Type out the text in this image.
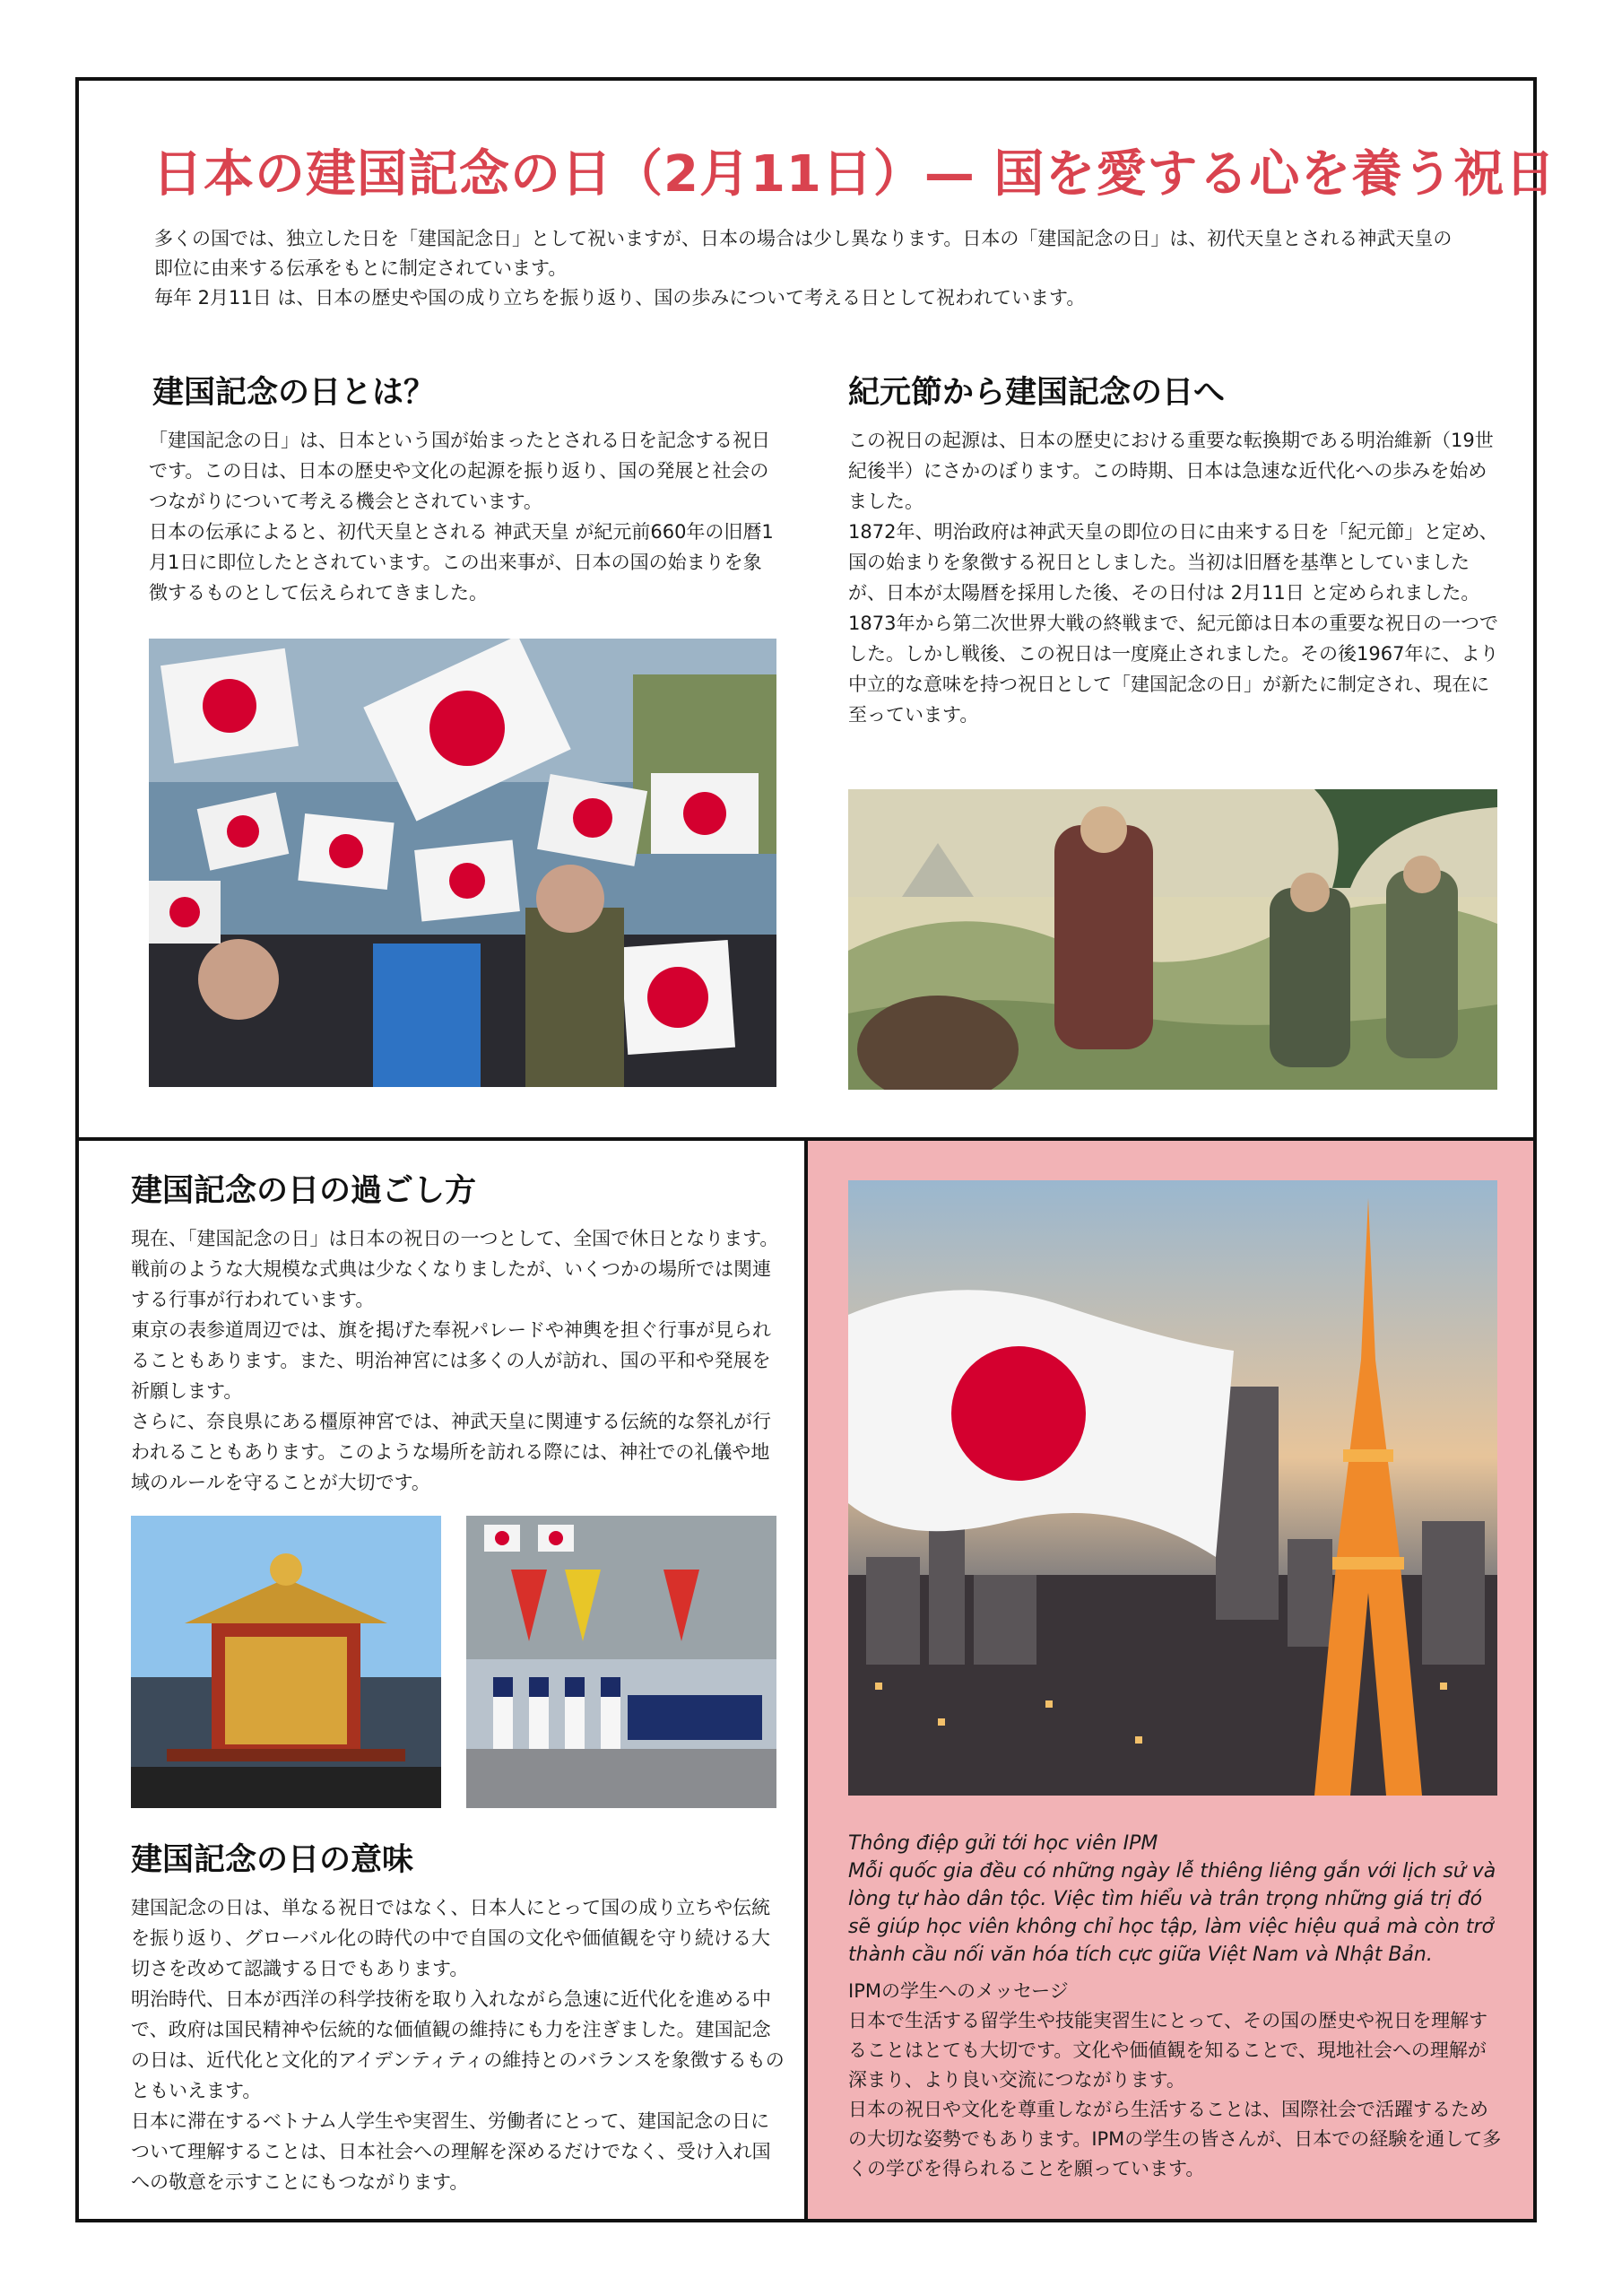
日本の建国記念の日（2月11日）— 国を愛する心を養う祝日

多くの国では、独立した日を「建国記念日」として祝いますが、日本の場合は少し異なります。日本の「建国記念の日」は、初代天皇とされる神武天皇の即位に由来する伝承をもとに制定されています。

毎年 2月11日 は、日本の歴史や国の成り立ちを振り返り、国の歩みについて考える日として祝われています。

建国記念の日とは？

「建国記念の日」は、日本という国が始まったとされる日を記念する祝日です。この日は、日本の歴史や文化の起源を振り返り、国の発展と社会のつながりについて考える機会とされています。

日本の伝承によると、初代天皇とされる 神武天皇 が紀元前660年の旧暦1月1日に即位したとされています。この出来事が、日本の国の始まりを象徴するものとして伝えられてきました。

紀元節から建国記念の日へ

この祝日の起源は、日本の歴史における重要な転換期である明治維新（19世紀後半）にさかのぼります。この時期、日本は急速な近代化への歩みを始めました。

1872年、明治政府は神武天皇の即位の日に由来する日を「紀元節」と定め、国の始まりを象徴する祝日としました。当初は旧暦を基準としていましたが、日本が太陽暦を採用した後、その日付は 2月11日 と定められました。

1873年から第二次世界大戦の終戦まで、紀元節は日本の重要な祝日の一つでした。しかし戦後、この祝日は一度廃止されました。その後1967年に、より中立的な意味を持つ祝日として「建国記念の日」が新たに制定され、現在に至っています。

建国記念の日の過ごし方

現在、「建国記念の日」は日本の祝日の一つとして、全国で休日となります。戦前のような大規模な式典は少なくなりましたが、いくつかの場所では関連する行事が行われています。

東京の表参道周辺では、旗を掲げた奉祝パレードや神輿を担ぐ行事が見られることもあります。また、明治神宮には多くの人が訪れ、国の平和や発展を祈願します。

さらに、奈良県にある橿原神宮では、神武天皇に関連する伝統的な祭礼が行われることもあります。このような場所を訪れる際には、神社での礼儀や地域のルールを守ることが大切です。

建国記念の日の意味

建国記念の日は、単なる祝日ではなく、日本人にとって国の成り立ちや伝統を振り返り、グローバル化の時代の中で自国の文化や価値観を守り続ける大切さを改めて認識する日でもあります。

明治時代、日本が西洋の科学技術を取り入れながら急速に近代化を進める中で、政府は国民精神や伝統的な価値観の維持にも力を注ぎました。建国記念の日は、近代化と文化的アイデンティティの維持とのバランスを象徴するものともいえます。

日本に滞在するベトナム人学生や実習生、労働者にとって、建国記念の日について理解することは、日本社会への理解を深めるだけでなく、受け入れ国への敬意を示すことにもつながります。

Thông điệp gửi tới học viên IPM

Mỗi quốc gia đều có những ngày lễ thiêng liêng gắn với lịch sử và lòng tự hào dân tộc. Việc tìm hiểu và trân trọng những giá trị đó sẽ giúp học viên không chỉ học tập, làm việc hiệu quả mà còn trở thành cầu nối văn hóa tích cực giữa Việt Nam và Nhật Bản.

IPMの学生へのメッセージ

日本で生活する留学生や技能実習生にとって、その国の歴史や祝日を理解することはとても大切です。文化や価値観を知ることで、現地社会への理解が深まり、より良い交流につながります。

日本の祝日や文化を尊重しながら生活することは、国際社会で活躍するための大切な姿勢でもあります。IPMの学生の皆さんが、日本での経験を通して多くの学びを得られることを願っています。
